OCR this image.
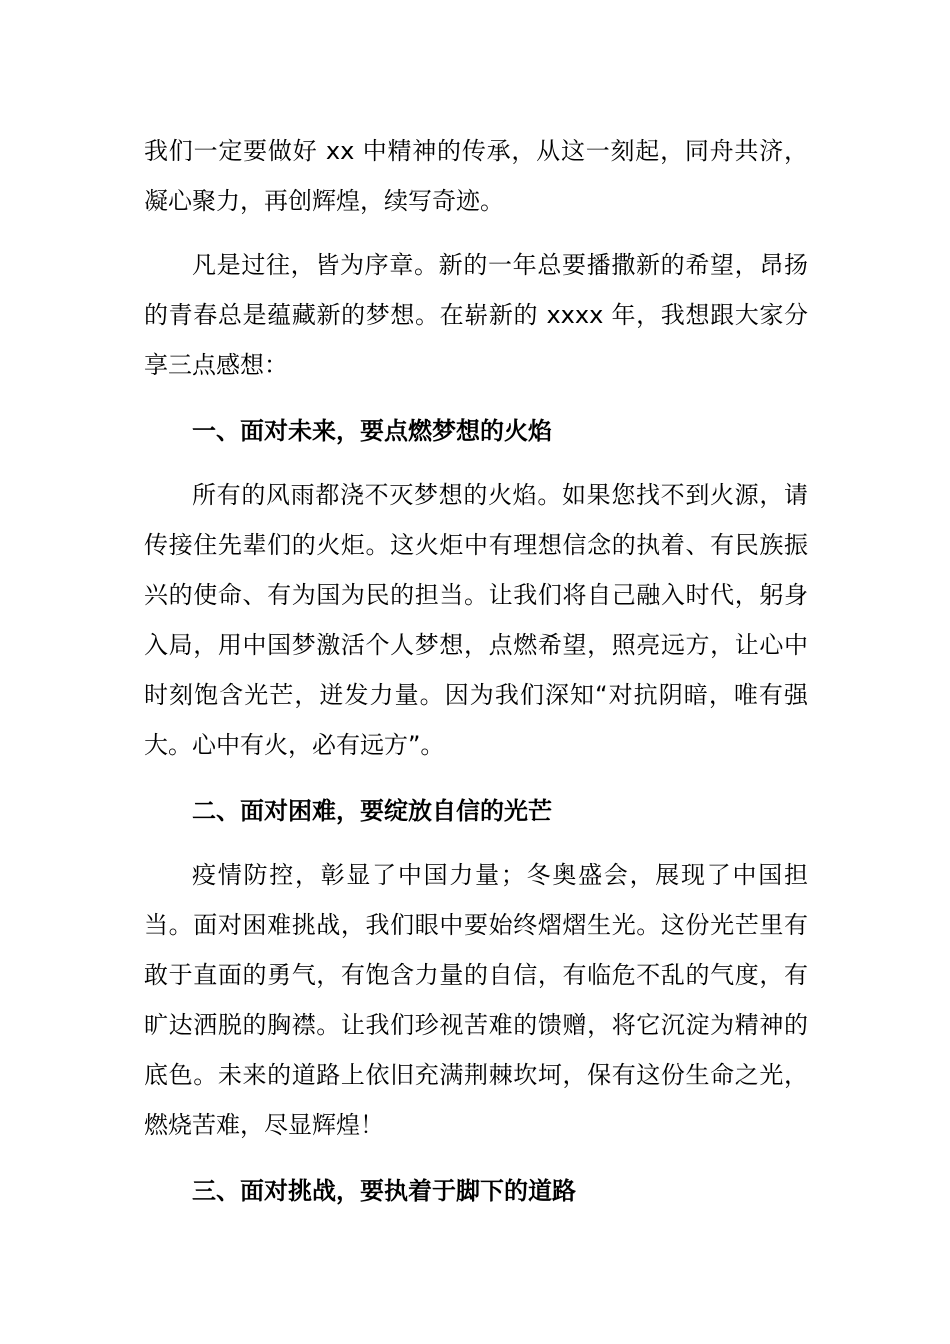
我们一定要做好 xx 中精神的传承，从这一刻起，同舟共济，凝心聚力，再创辉煌，续写奇迹。

凡是过往，皆为序章。新的一年总要播撒新的希望，昂扬的青春总是蕴藏新的梦想。在崭新的 xxxx 年，我想跟大家分享三点感想：

一、面对未来，要点燃梦想的火焰

所有的风雨都浇不灭梦想的火焰。如果您找不到火源，请传接住先辈们的火炬。这火炬中有理想信念的执着、有民族振兴的使命、有为国为民的担当。让我们将自己融入时代，躬身入局，用中国梦激活个人梦想，点燃希望，照亮远方，让心中时刻饱含光芒，迸发力量。因为我们深知“对抗阴暗，唯有强大。心中有火，必有远方”。

二、面对困难，要绽放自信的光芒

疫情防控，彰显了中国力量；冬奥盛会，展现了中国担当。面对困难挑战，我们眼中要始终熠熠生光。这份光芒里有敢于直面的勇气，有饱含力量的自信，有临危不乱的气度，有旷达洒脱的胸襟。让我们珍视苦难的馈赠，将它沉淀为精神的底色。未来的道路上依旧充满荆棘坎坷，保有这份生命之光，燃烧苦难，尽显辉煌！

三、面对挑战，要执着于脚下的道路
